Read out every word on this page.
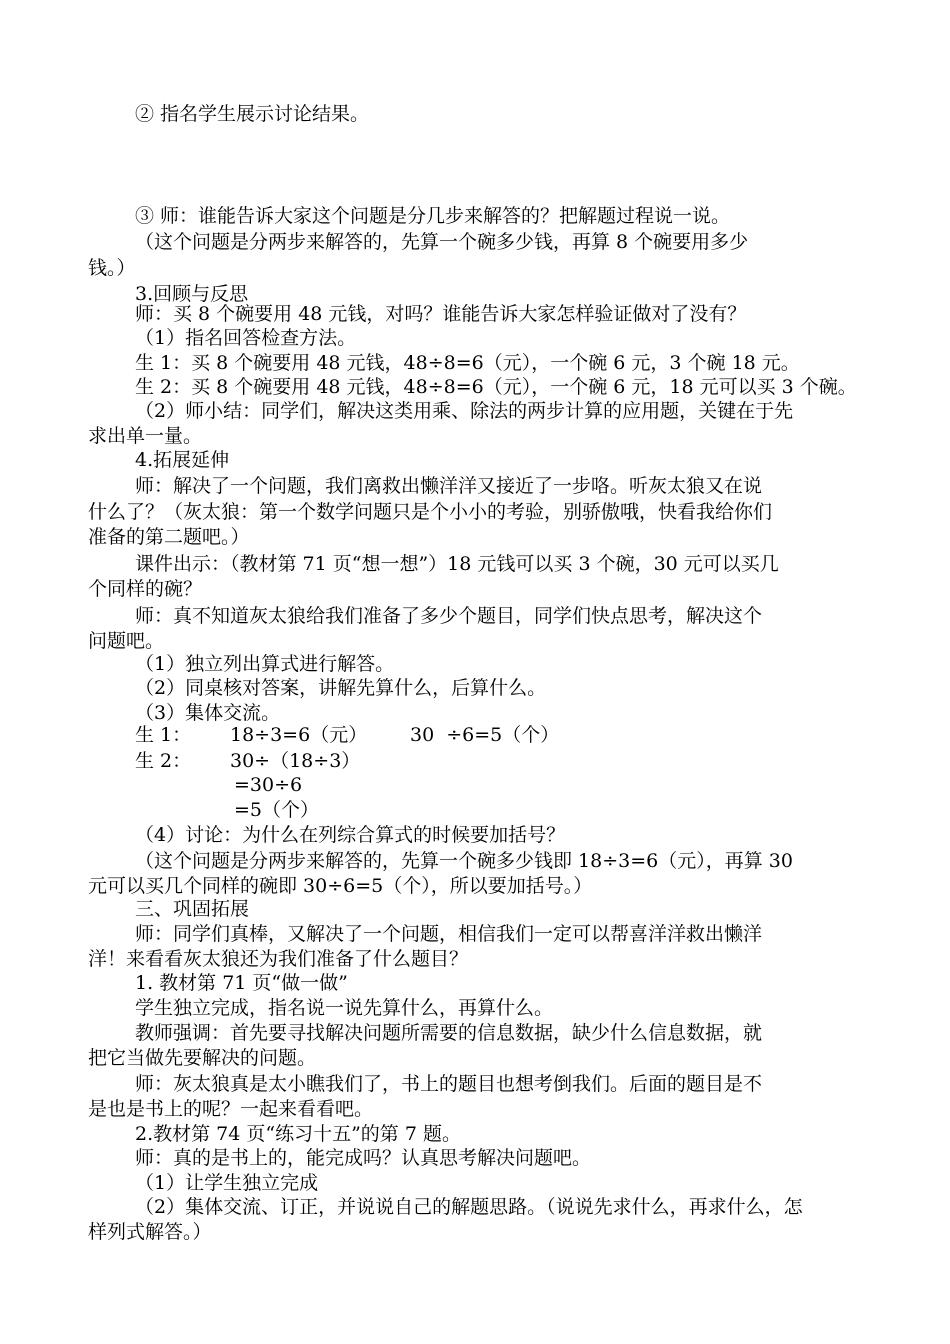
② 指名学生展示讨论结果。
③ 师：谁能告诉大家这个问题是分几步来解答的？把解题过程说一说。
（这个问题是分两步来解答的，先算一个碗多少钱，再算 8 个碗要用多少
钱。）
3.回顾与反思
师：买 8 个碗要用 48 元钱，对吗？谁能告诉大家怎样验证做对了没有？
（1）指名回答检查方法。
生 1：买 8 个碗要用 48 元钱，48÷8=6（元），一个碗 6 元，3 个碗 18 元。
生 2：买 8 个碗要用 48 元钱，48÷8=6（元），一个碗 6 元，18 元可以买 3 个碗。
（2）师小结：同学们，解决这类用乘、除法的两步计算的应用题，关键在于先
求出单一量。
4.拓展延伸
师：解决了一个问题，我们离救出懒洋洋又接近了一步咯。听灰太狼又在说
什么了？（灰太狼：第一个数学问题只是个小小的考验，别骄傲哦，快看我给你们
准备的第二题吧。）
课件出示：（教材第 71 页“想一想”）18 元钱可以买 3 个碗，30 元可以买几
个同样的碗？
师：真不知道灰太狼给我们准备了多少个题目，同学们快点思考，解决这个
问题吧。
（1）独立列出算式进行解答。
（2）同桌核对答案，讲解先算什么，后算什么。
（3）集体交流。
生 1： 18÷3=6（元） 30  ÷6=5（个）
生 2： 30÷（18÷3）
=30÷6
=5（个）
（4）讨论：为什么在列综合算式的时候要加括号？
（这个问题是分两步来解答的，先算一个碗多少钱即 18÷3=6（元），再算 30
元可以买几个同样的碗即 30÷6=5（个），所以要加括号。）
三、巩固拓展
师：同学们真棒，又解决了一个问题，相信我们一定可以帮喜洋洋救出懒洋
洋！来看看灰太狼还为我们准备了什么题目？
1. 教材第 71 页“做一做”
学生独立完成，指名说一说先算什么，再算什么。
教师强调：首先要寻找解决问题所需要的信息数据，缺少什么信息数据，就
把它当做先要解决的问题。
师：灰太狼真是太小瞧我们了，书上的题目也想考倒我们。后面的题目是不
是也是书上的呢？一起来看看吧。
2.教材第 74 页“练习十五”的第 7 题。
师：真的是书上的，能完成吗？认真思考解决问题吧。
（1）让学生独立完成
（2）集体交流、订正，并说说自己的解题思路。（说说先求什么，再求什么，怎
样列式解答。）
